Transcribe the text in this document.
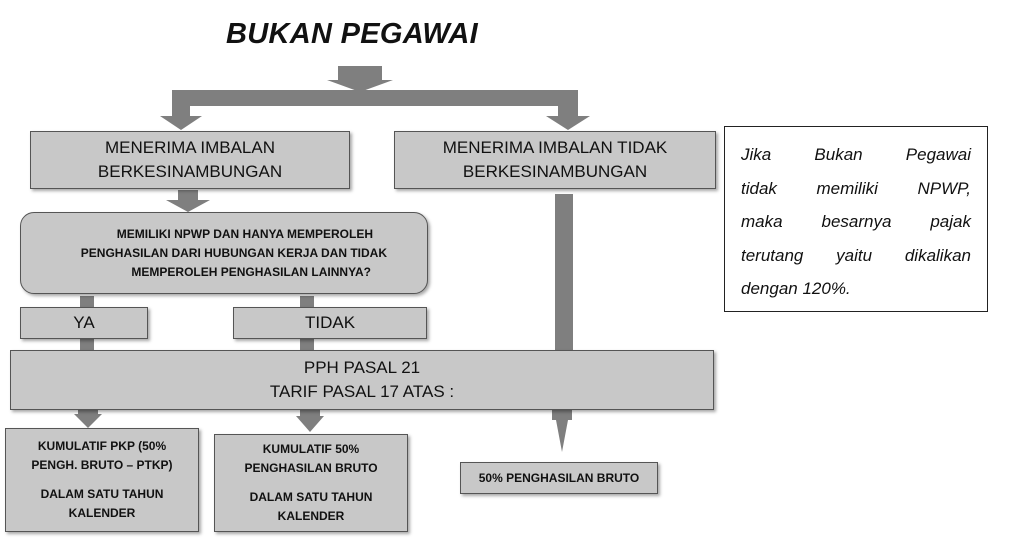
BUKAN PEGAWAI
MENERIMA IMBALAN
BERKESINAMBUNGAN
MENERIMA IMBALAN TIDAK
BERKESINAMBUNGAN
MEMILIKI NPWP DAN HANYA MEMPEROLEH
PENGHASILAN DARI HUBUNGAN KERJA DAN TIDAK
MEMPEROLEH PENGHASILAN LAINNYA?
YA	TIDAK
PPH PASAL 21
TARIF PASAL 17 ATAS :
KUMULATIF PKP (50%
PENGH. BRUTO – PTKP)
DALAM SATU TAHUN
KALENDER
KUMULATIF 50%
PENGHASILAN BRUTO
DALAM SATU TAHUN
KALENDER
50% PENGHASILAN BRUTO
Jika Bukan Pegawai
tidak memiliki NPWP,
maka besarnya pajak
terutang yaitu dikalikan
dengan 120%.
